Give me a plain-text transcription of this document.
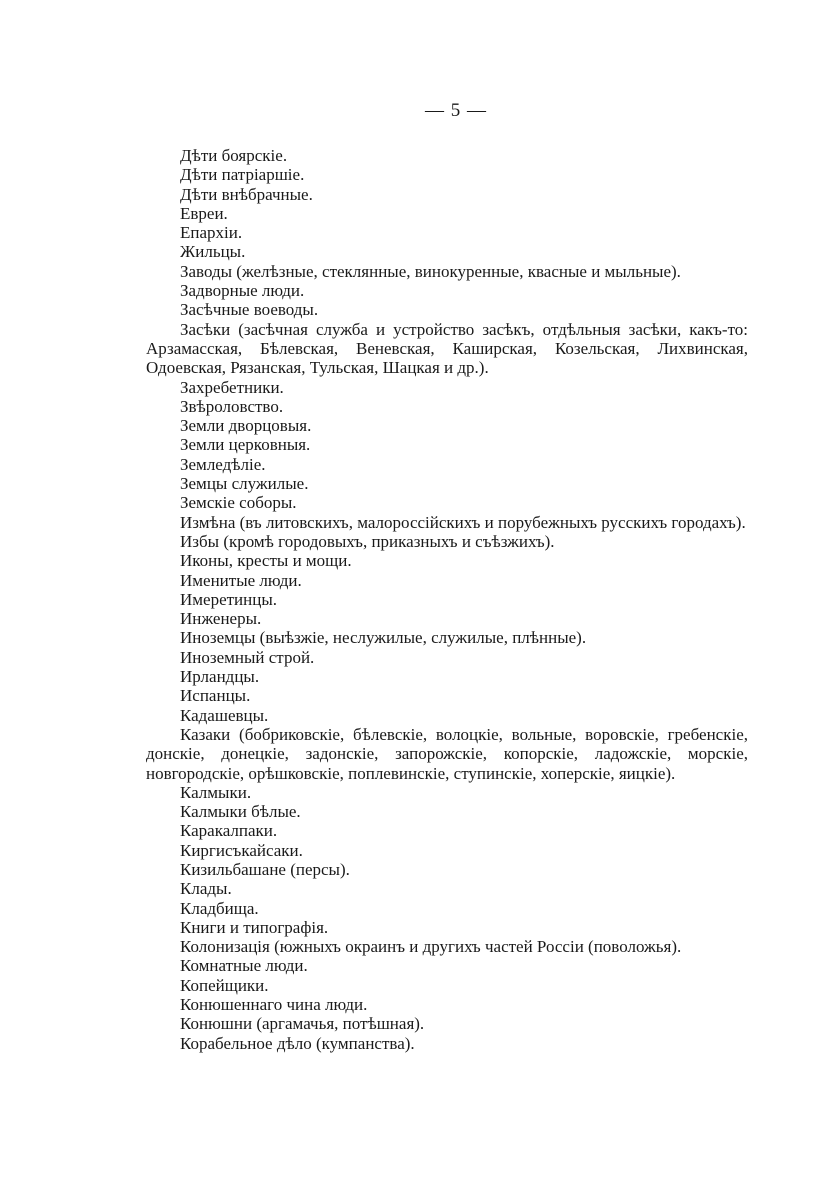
— 5 —

Дѣти боярскіе.

Дѣти патріаршіе.

Дѣти внѣбрачные.

Евреи.

Епархіи.

Жильцы.

Заводы (желѣзные, стеклянные, винокуренные, квасные и мыльные).

Задворные люди.

Засѣчные воеводы.

Засѣки (засѣчная служба и устройство засѣкъ, отдѣльныя засѣки, какъ-то: Арзамасская, Бѣлевская, Веневская, Каширская, Козельская, Лихвинская, Одоевская, Рязанская, Тульская, Шацкая и др.).

Захребетники.

Звѣроловство.

Земли дворцовыя.

Земли церковныя.

Земледѣліе.

Земцы служилые.

Земскіе соборы.

Измѣна (въ литовскихъ, малороссійскихъ и порубежныхъ русскихъ городахъ).

Избы (кромѣ городовыхъ, приказныхъ и съѣзжихъ).

Иконы, кресты и мощи.

Именитые люди.

Имеретинцы.

Инженеры.

Иноземцы (выѣзжіе, неслужилые, служилые, плѣнные).

Иноземный строй.

Ирландцы.

Испанцы.

Кадашевцы.

Казаки (бобриковскіе, бѣлевскіе, волоцкіе, вольные, воровскіе, гребенскіе, донскіе, донецкіе, задонскіе, запорожскіе, копорскіе, ладожскіе, морскіе, новгородскіе, орѣшковскіе, поплевинскіе, ступинскіе, хоперскіе, яицкіе).

Калмыки.

Калмыки бѣлые.

Каракалпаки.

Киргисъкайсаки.

Кизильбашане (персы).

Клады.

Кладбища.

Книги и типографія.

Колонизація (южныхъ окраинъ и другихъ частей Россіи (поволожья).

Комнатные люди.

Копейщики.

Конюшеннаго чина люди.

Конюшни (аргамачья, потѣшная).

Корабельное дѣло (кумпанства).
